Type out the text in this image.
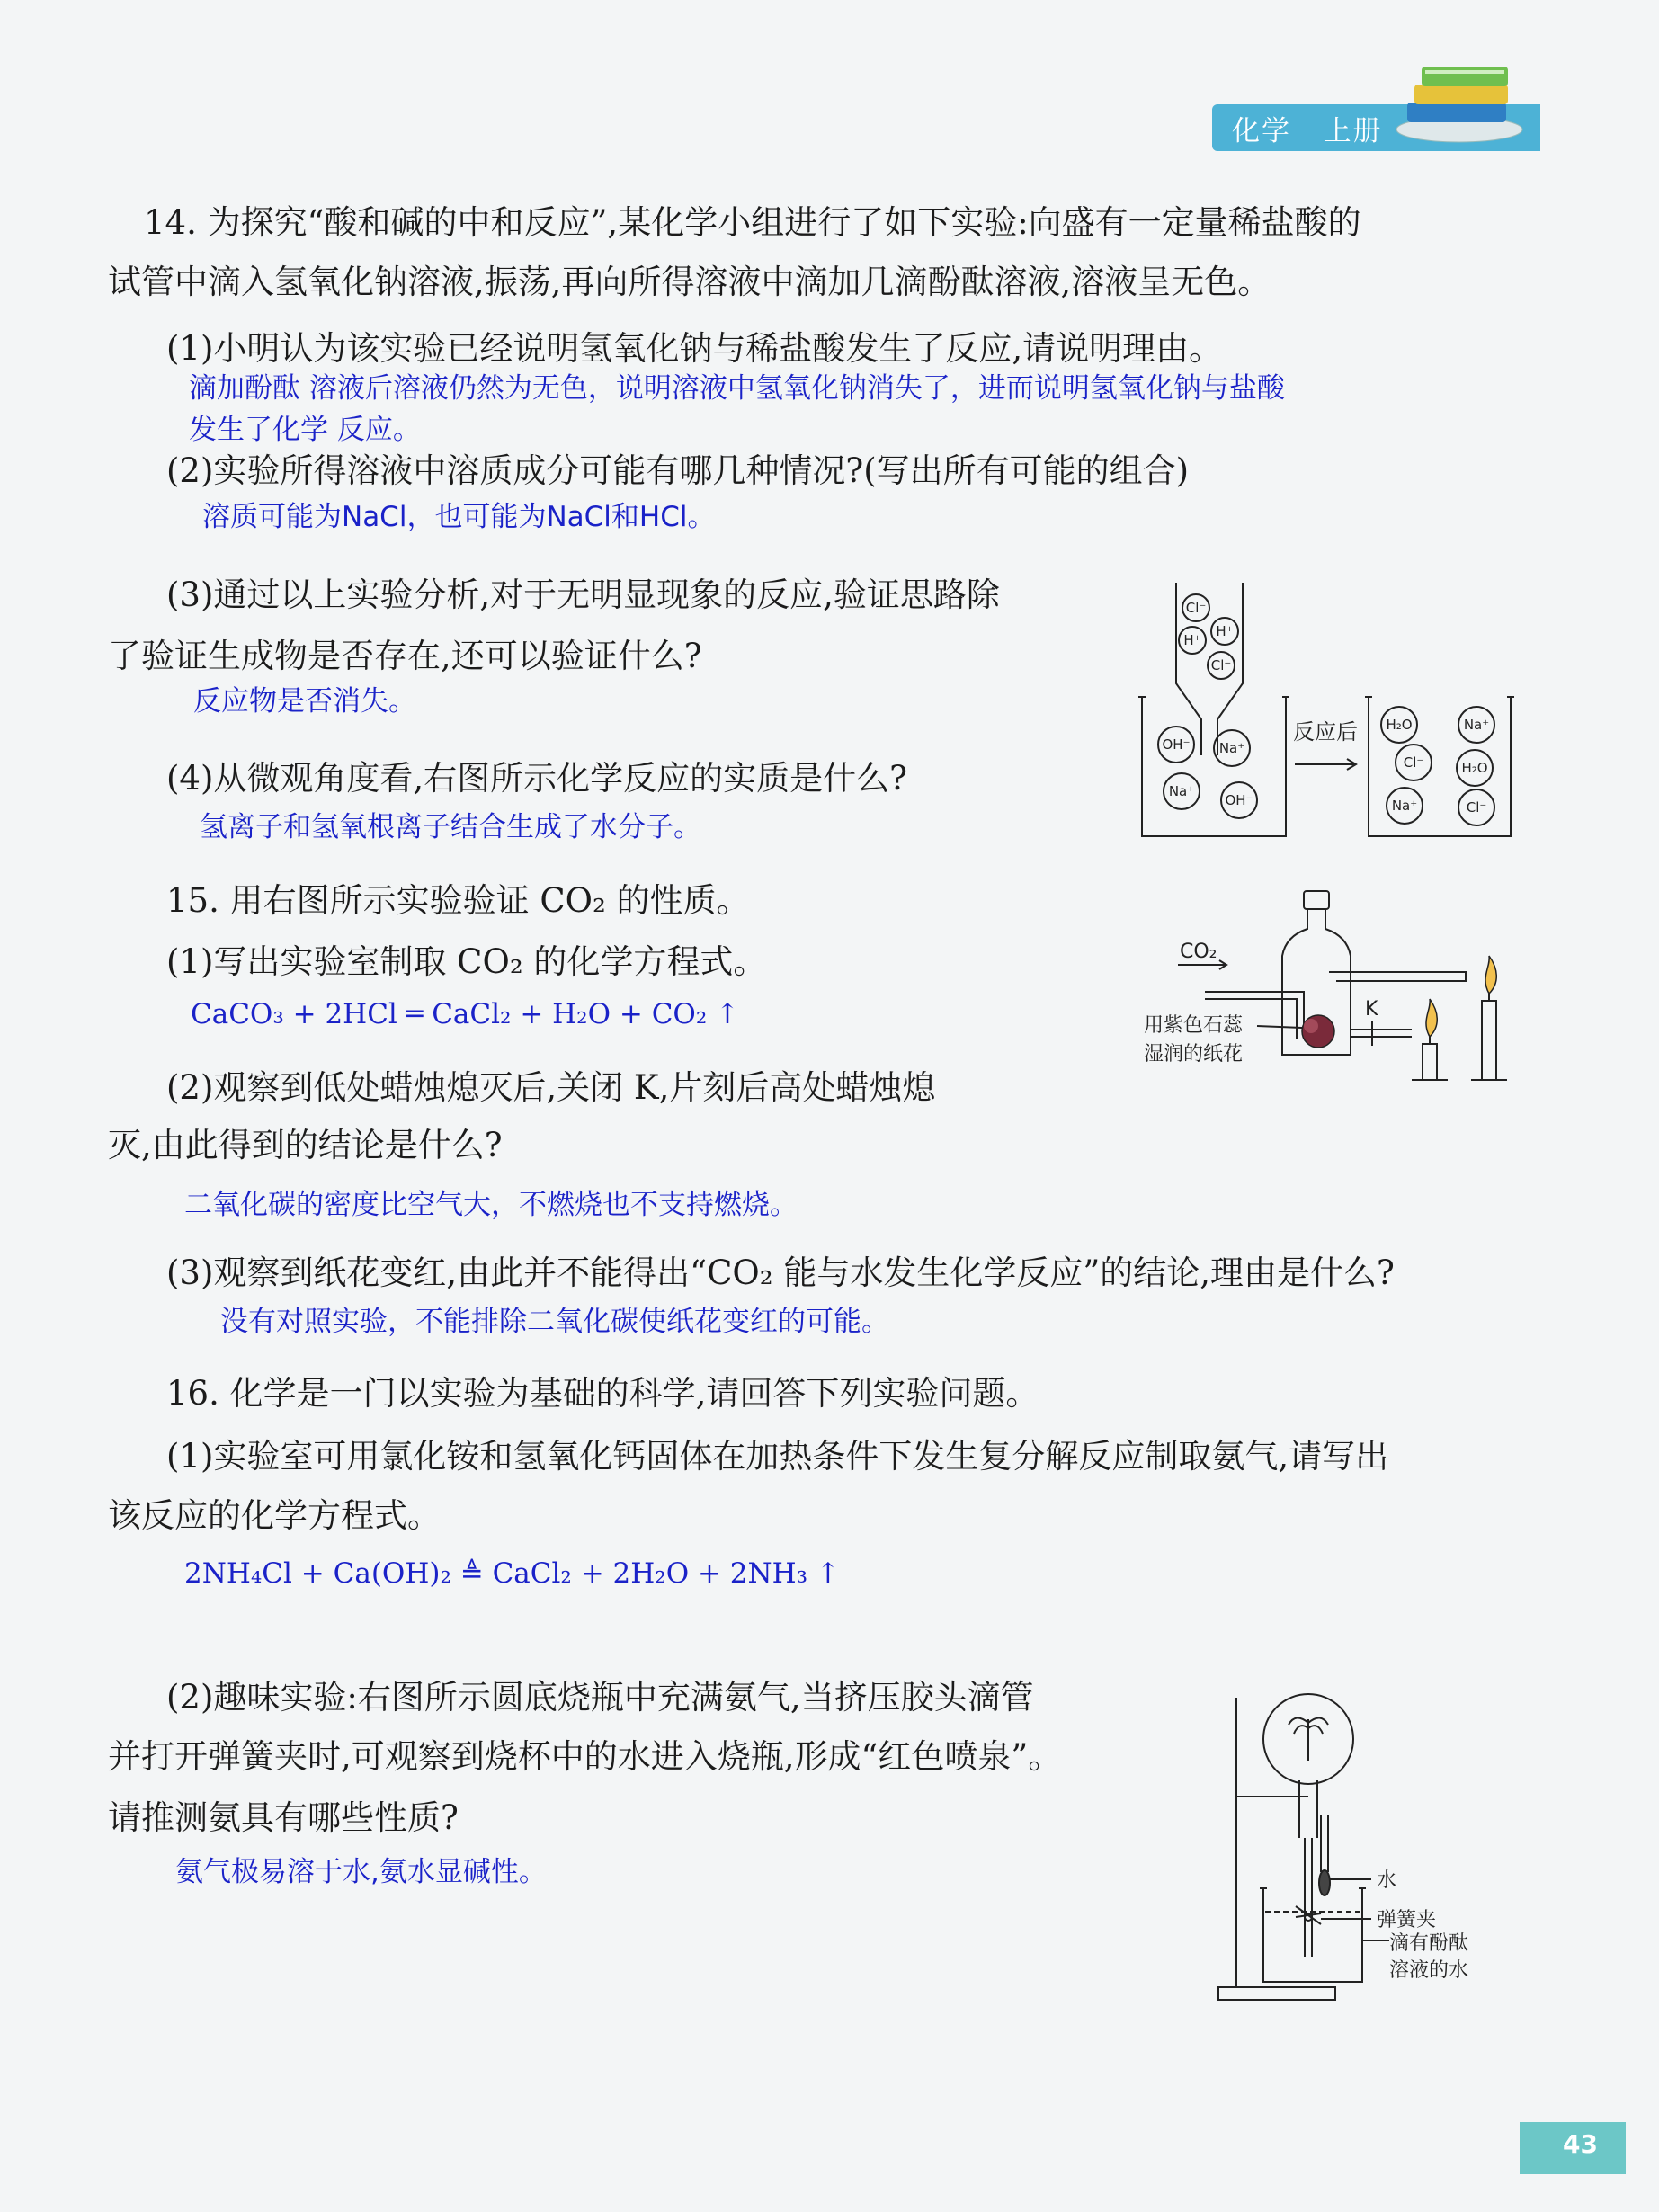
化学 上册
14. 为探究“酸和碱的中和反应”,某化学小组进行了如下实验:向盛有一定量稀盐酸的
试管中滴入氢氧化钠溶液,振荡,再向所得溶液中滴加几滴酚酞溶液,溶液呈无色。
(1)小明认为该实验已经说明氢氧化钠与稀盐酸发生了反应,请说明理由。
滴加酚酞 溶液后溶液仍然为无色，说明溶液中氢氧化钠消失了，进而说明氢氧化钠与盐酸
发生了化学 反应。
(2)实验所得溶液中溶质成分可能有哪几种情况?(写出所有可能的组合)
溶质可能为NaCl，也可能为NaCl和HCl。
(3)通过以上实验分析,对于无明显现象的反应,验证思路除
了验证生成物是否存在,还可以验证什么?
反应物是否消失。
(4)从微观角度看,右图所示化学反应的实质是什么?
氢离子和氢氧根离子结合生成了水分子。
Cl⁻
H⁺
H⁺
Cl⁻
OH⁻ Na⁺
Na⁺
OH⁻
H₂O	Na⁺
Cl⁻	H₂O
Na⁺	Cl⁻
反应后
15. 用右图所示实验验证 CO₂ 的性质。
(1)写出实验室制取 CO₂ 的化学方程式。
CaCO₃ + 2HCl ═ CaCl₂ + H₂O + CO₂ ↑
(2)观察到低处蜡烛熄灭后,关闭 K,片刻后高处蜡烛熄
灭,由此得到的结论是什么?
二氧化碳的密度比空气大，不燃烧也不支持燃烧。
(3)观察到纸花变红,由此并不能得出“CO₂ 能与水发生化学反应”的结论,理由是什么?
没有对照实验，不能排除二氧化碳使纸花变红的可能。
CO₂
K
用紫色石蕊
湿润的纸花
16. 化学是一门以实验为基础的科学,请回答下列实验问题。
(1)实验室可用氯化铵和氢氧化钙固体在加热条件下发生复分解反应制取氨气,请写出
该反应的化学方程式。
2NH₄Cl + Ca(OH)₂ ≜ CaCl₂ + 2H₂O + 2NH₃ ↑
(2)趣味实验:右图所示圆底烧瓶中充满氨气,当挤压胶头滴管
并打开弹簧夹时,可观察到烧杯中的水进入烧瓶,形成“红色喷泉”。
请推测氨具有哪些性质?
氨气极易溶于水,氨水显碱性。	水
弹簧夹
滴有酚酞
溶液的水
43
